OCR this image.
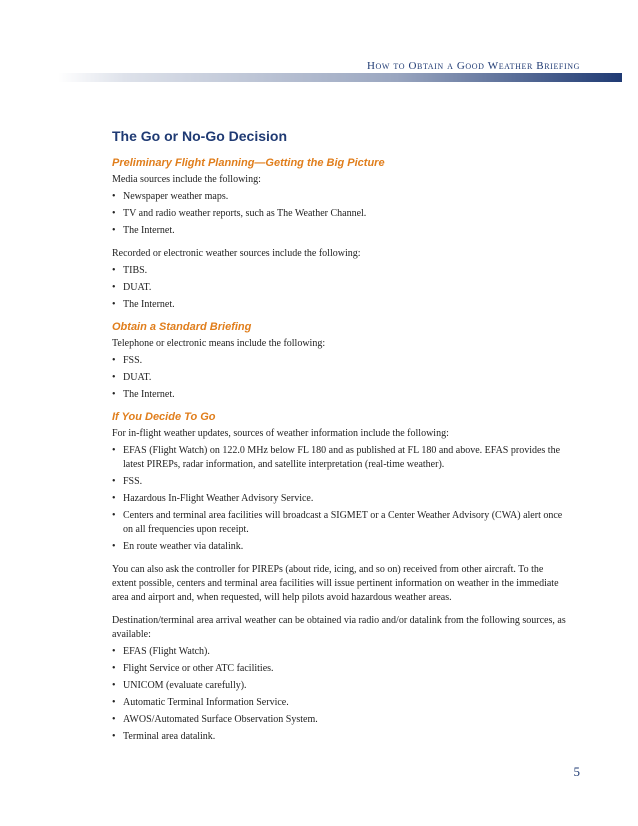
How to Obtain a Good Weather Briefing
The Go or No-Go Decision
Preliminary Flight Planning—Getting the Big Picture

Media sources include the following:

• Newspaper weather maps.
• TV and radio weather reports, such as The Weather Channel.
• The Internet.

Recorded or electronic weather sources include the following:

• TIBS.
• DUAT.
• The Internet.
Obtain a Standard Briefing

Telephone or electronic means include the following:

• FSS.
• DUAT.
• The Internet.
If You Decide To Go

For in-flight weather updates, sources of weather information include the following:

• EFAS (Flight Watch) on 122.0 MHz below FL 180 and as published at FL 180 and above. EFAS provides the latest PIREPs, radar information, and satellite interpretation (real-time weather).
• FSS.
• Hazardous In-Flight Weather Advisory Service.
• Centers and terminal area facilities will broadcast a SIGMET or a Center Weather Advisory (CWA) alert once on all frequencies upon receipt.
• En route weather via datalink.

You can also ask the controller for PIREPs (about ride, icing, and so on) received from other aircraft. To the extent possible, centers and terminal area facilities will issue pertinent information on weather in the immediate area and airport and, when requested, will help pilots avoid hazardous weather areas.

Destination/terminal area arrival weather can be obtained via radio and/or datalink from the following sources, as available:

• EFAS (Flight Watch).
• Flight Service or other ATC facilities.
• UNICOM (evaluate carefully).
• Automatic Terminal Information Service.
• AWOS/Automated Surface Observation System.
• Terminal area datalink.
5
